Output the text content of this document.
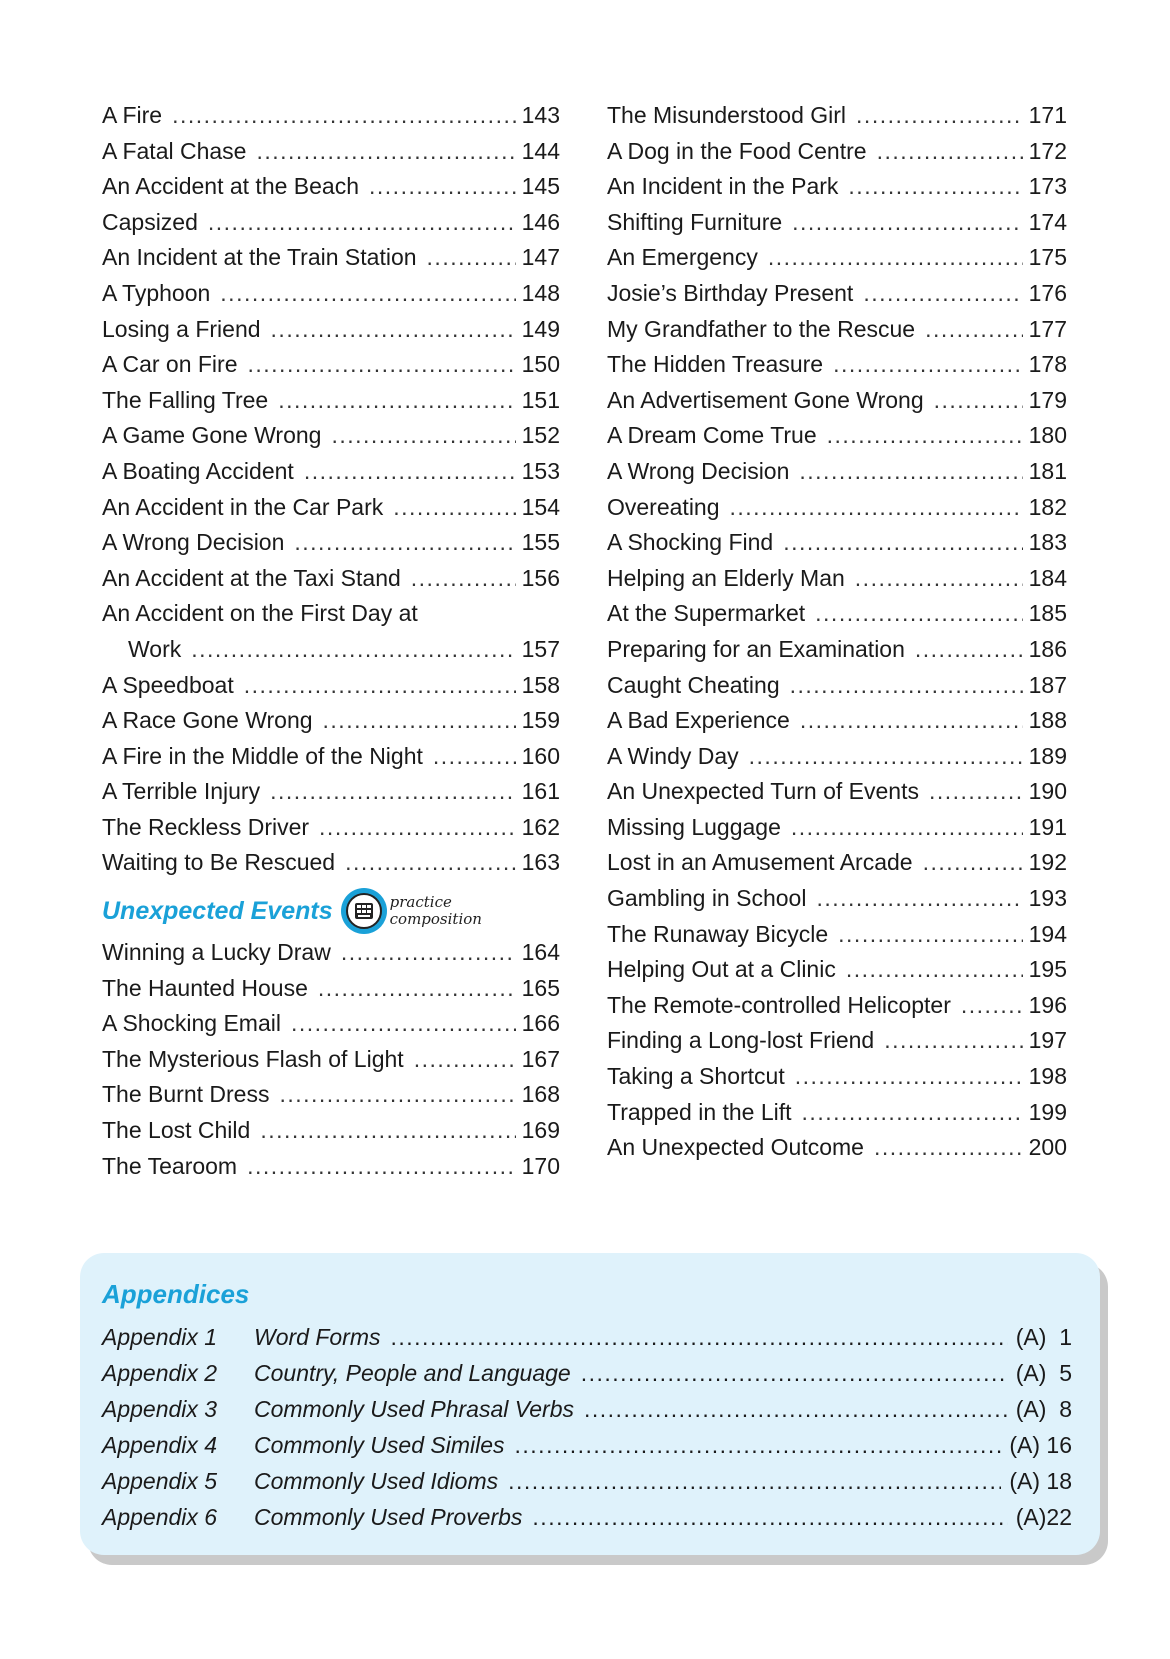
A Fire .....	143
A Fatal Chase .....	144
An Accident at the Beach .....	145
Capsized .....	146
An Incident at the Train Station .....	147
A Typhoon .....	148
Losing a Friend .....	149
A Car on Fire .....	150
The Falling Tree .....	151
A Game Gone Wrong .....	152
A Boating Accident .....	153
An Accident in the Car Park .....	154
A Wrong Decision .....	155
An Accident at the Taxi Stand .....	156
An Accident on the First Day at
Work .....	157
A Speedboat .....	158
A Race Gone Wrong .....	159
A Fire in the Middle of the Night .....	160
A Terrible Injury .....	161
The Reckless Driver .....	162
Waiting to Be Rescued .....	163
Unexpected Events	practice
composition
Winning a Lucky Draw .....	164
The Haunted House .....	165
A Shocking Email .....	166
The Mysterious Flash of Light .....	167
The Burnt Dress .....	168
The Lost Child .....	169
The Tearoom .....	170
The Misunderstood Girl .....	171
A Dog in the Food Centre .....	172
An Incident in the Park .....	173
Shifting Furniture .....	174
An Emergency .....	175
Josie’s Birthday Present .....	176
My Grandfather to the Rescue .....	177
The Hidden Treasure .....	178
An Advertisement Gone Wrong .....	179
A Dream Come True .....	180
A Wrong Decision .....	181
Overeating .....	182
A Shocking Find .....	183
Helping an Elderly Man .....	184
At the Supermarket .....	185
Preparing for an Examination .....	186
Caught Cheating .....	187
A Bad Experience .....	188
A Windy Day .....	189
An Unexpected Turn of Events .....	190
Missing Luggage .....	191
Lost in an Amusement Arcade .....	192
Gambling in School .....	193
The Runaway Bicycle .....	194
Helping Out at a Clinic .....	195
The Remote-controlled Helicopter .....	196
Finding a Long-lost Friend .....	197
Taking a Shortcut .....	198
Trapped in the Lift .....	199
An Unexpected Outcome .....	200
Appendices
Appendix 1	Word Forms .....	(A)  1
Appendix 2	Country, People and Language .....	(A)  5
Appendix 3	Commonly Used Phrasal Verbs .....	(A)  8
Appendix 4	Commonly Used Similes .....	(A) 16
Appendix 5	Commonly Used Idioms .....	(A) 18
Appendix 6	Commonly Used Proverbs .....	(A)22
